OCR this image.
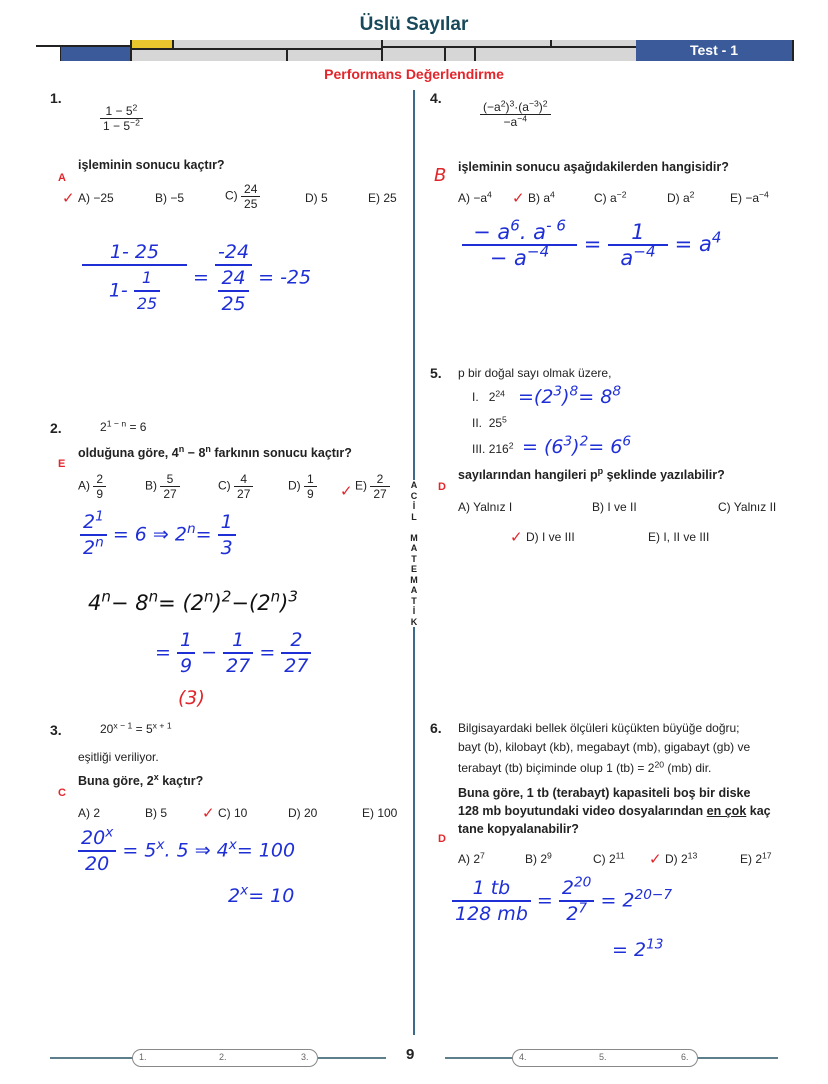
Üslü Sayılar
Test - 1
Performans Değerlendirme
A
C
İ
L

M
A
T
E
M
A
T
İ
K
1.
$\frac{1 - 5^2}{1 - 5^{-2}}$
işleminin sonucu kaçtır?
A
✓ A) −25	B) −5	$C) \frac{24}{25}$	D) 5	E) 25
$\frac{1- 25}{1- \frac{1}{25}} = \frac{-24}{\frac{24}{25}} = -25$
2.	$2^{1 - n} = 6$
olduğuna göre, $4^n - 8^n$ farkının sonucu kaçtır?
E
$A) \frac{2}{9}$	$B) \frac{5}{27}$	$C) \frac{4}{27}$	$D) \frac{1}{9}$ ✓ $E) \frac{2}{27}$
$\frac{2^1}{2^n} = 6$ ⇒ $2^n= \frac{1}{3}$
$4^n- 8^n= (2^n)^2-(2^n)^3$
= $\frac{1}{9} - \frac{1}{27} = \frac{2}{27}$
(3)
3.	$20^{x - 1} = 5^{x + 1}$
eşitliği veriliyor.
Buna göre, 2$^x$ kaçtır?
C
A) 2	B) 5 ✓ C) 10	D) 20	E) 100
$\frac{20^x}{20} = 5^x$. 5 ⇒ $4^x= 100$
$2^x= 10$
4.
$\frac{(-a^2)^3\cdot(a^{-3})^2}{-a^{-4}}$
işleminin sonucu aşağıdakilerden hangisidir?
B
$A) -a^4$ ✓ B) $a^4$	C) $a^{-2}$	D) $a^2$	$E) -a^{-4}$
$\frac{- a^6. a^{- 6}}{- a^{-4}} = \frac{1}{a^{-4}} = a^4$
5. p bir doğal sayı olmak üzere,
I. $2^{24} =(2^3)^8= 8^8$
II. $25^5$
III. $216^2 = (6^3)^2= 6^6$
sayılarından hangileri $p^p$ şeklinde yazılabilir?
D
A) Yalnız I	B) I ve II	C) Yalnız II
✓ D) I ve III	E) I, II ve III
6. Bilgisayardaki bellek ölçüleri küçükten büyüğe doğru;
bayt (b), kilobayt (kb), megabayt (mb), gigabayt (gb) ve
terabayt (tb) biçiminde olup 1 $(tb) = 2^{20}$ (mb) dir.
Buna göre, 1 tb (terabayt) kapasiteli boş bir diske
128 mb boyutundaki video dosyalarından en çok kaç
tane kopyalanabilir?
D
A) $2^7$	B) $2^9$	C) $2^{11}$ ✓ D) $2^{13}$	E) $2^{17}$
$\frac{1 tb}{128 mb} = \frac{2^{20}}{2^7} = 2^{20-7}$
= $2^{13}$
1.	2.	3.	9	4.	5.	6.
